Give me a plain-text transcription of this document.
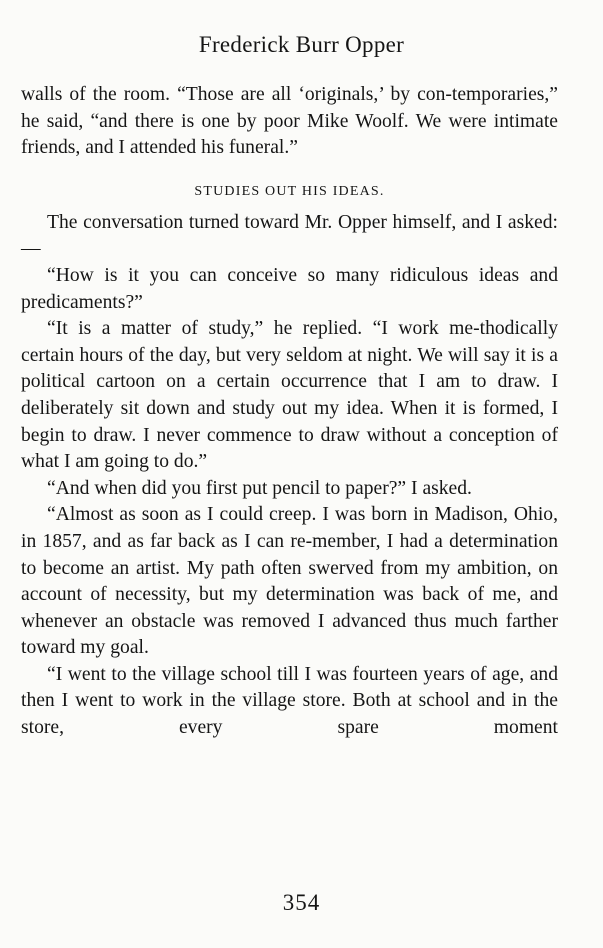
Frederick Burr Opper

walls of the room. “Those are all ‘originals,’ by con-temporaries,” he said, “and there is one by poor Mike Woolf. We were intimate friends, and I attended his funeral.”

STUDIES OUT HIS IDEAS.

The conversation turned toward Mr. Opper himself, and I asked:—

“How is it you can conceive so many ridiculous ideas and predicaments?”

“It is a matter of study,” he replied. “I work me-thodically certain hours of the day, but very seldom at night. We will say it is a political cartoon on a certain occurrence that I am to draw. I deliberately sit down and study out my idea. When it is formed, I begin to draw. I never commence to draw without a conception of what I am going to do.”

“And when did you first put pencil to paper?” I asked.

“Almost as soon as I could creep. I was born in Madison, Ohio, in 1857, and as far back as I can re-member, I had a determination to become an artist. My path often swerved from my ambition, on account of necessity, but my determination was back of me, and whenever an obstacle was removed I advanced thus much farther toward my goal.

“I went to the village school till I was fourteen years of age, and then I went to work in the village store. Both at school and in the store, every spare moment

354
